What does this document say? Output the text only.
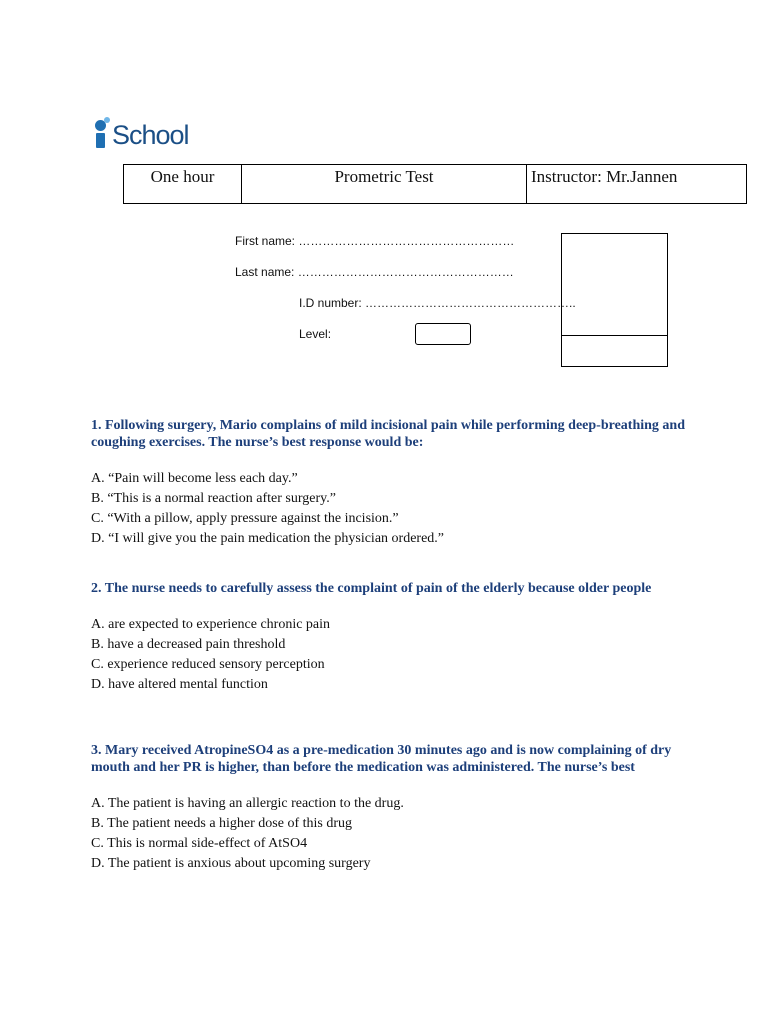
School
One hour	Prometric Test	Instructor: Mr.Jannen
First name: ………………………………………………
Last name: ………………………………………………
I.D number: ……………………………………………..
Level:
1. Following surgery, Mario complains of mild incisional pain while performing deep-breathing and coughing exercises. The nurse’s best response would be:
A. “Pain will become less each day.”
B. “This is a normal reaction after surgery.”
C. “With a pillow, apply pressure against the incision.”
D. “I will give you the pain medication the physician ordered.”
2. The nurse needs to carefully assess the complaint of pain of the elderly because older people
A. are expected to experience chronic pain
B. have a decreased pain threshold
C. experience reduced sensory perception
D. have altered mental function
3. Mary received AtropineSO4 as a pre-medication 30 minutes ago and is now complaining of dry mouth and her PR is higher, than before the medication was administered. The nurse’s best
A. The patient is having an allergic reaction to the drug.
B. The patient needs a higher dose of this drug
C. This is normal side-effect of AtSO4
D. The patient is anxious about upcoming surgery
